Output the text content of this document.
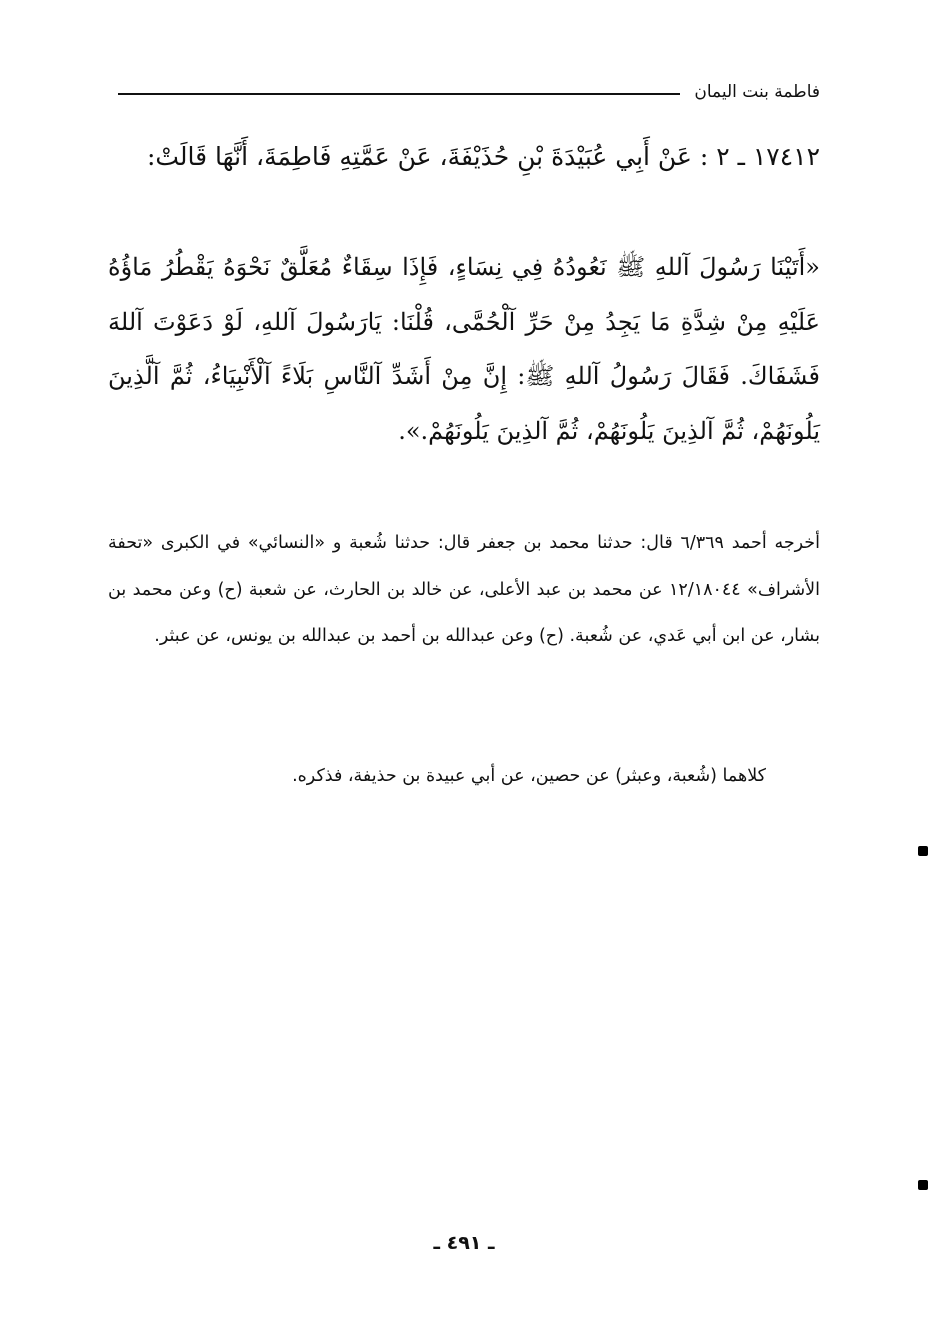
فاطمة بنت اليمان
١٧٤١٢ ـ ٢ : عَنْ أَبِي عُبَيْدَةَ بْنِ حُذَيْفَةَ، عَنْ عَمَّتِهِ فَاطِمَةَ، أَنَّهَا قَالَتْ:
«أَتَيْنَا رَسُولَ آللهِ ﷺ نَعُودُهُ فِي نِسَاءٍ، فَإِذَا سِقَاءٌ مُعَلَّقٌ نَحْوَهُ يَقْطُرُ مَاؤُهُ عَلَيْهِ مِنْ شِدَّةِ مَا يَجِدُ مِنْ حَرِّ آلْحُمَّى، قُلْنَا: يَارَسُولَ آللهِ، لَوْ دَعَوْتَ آللهَ فَشَفَاكَ. فَقَالَ رَسُولُ آللهِ ﷺ: إِنَّ مِنْ أَشَدِّ آلنَّاسِ بَلَاءً آلْأَنْبِيَاءُ، ثُمَّ آلَّذِينَ يَلُونَهُمْ، ثُمَّ آلذِينَ يَلُونَهُمْ، ثُمَّ آلذِينَ يَلُونَهُمْ.».

أخرجه أحمد ٦/٣٦٩ قال: حدثنا محمد بن جعفر قال: حدثنا شُعبة و «النسائي» في الكبرى «تحفة الأشراف» ١٢/١٨٠٤٤ عن محمد بن عبد الأعلى، عن خالد بن الحارث، عن شعبة (ح) وعن محمد بن بشار، عن ابن أبي عَدي، عن شُعبة. (ح) وعن عبدالله بن أحمد بن عبدالله بن يونس، عن عبثر.

كلاهما (شُعبة، وعبثر) عن حصين، عن أبي عبيدة بن حذيفة، فذكره.

ـ ٤٩١ ـ
